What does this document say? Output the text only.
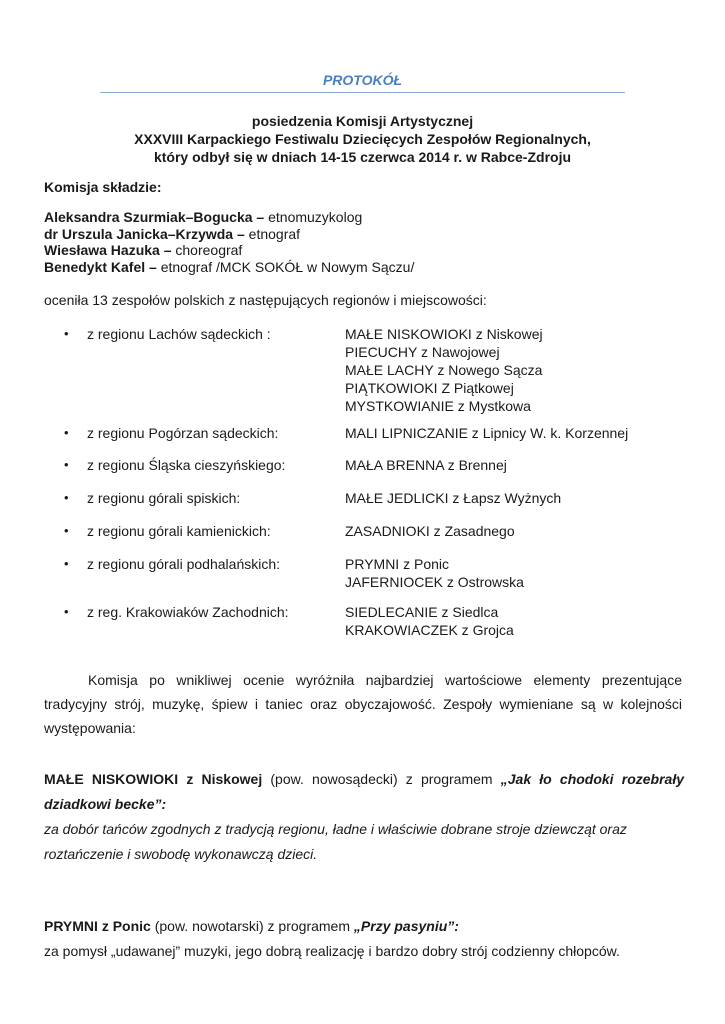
PROTOKÓŁ
posiedzenia Komisji Artystycznej
XXXVIII Karpackiego Festiwalu Dziecięcych Zespołów Regionalnych,
który odbył się w dniach 14-15 czerwca 2014 r. w Rabce-Zdroju
Komisja składzie:
Aleksandra Szurmiak–Bogucka – etnomuzykolog
dr Urszula Janicka–Krzywda – etnograf
Wiesława Hazuka – choreograf
Benedykt Kafel – etnograf /MCK SOKÓŁ w Nowym Sączu/
oceniła 13 zespołów polskich z następujących regionów i miejscowości:
• z regionu Lachów sądeckich :	MAŁE NISKOWIOKI z Niskowej
PIECUCHY z Nawojowej
MAŁE LACHY z Nowego Sącza
PIĄTKOWIOKI Z Piątkowej
MYSTKOWIANIE z Mystkowa
• z regionu Pogórzan sądeckich:	MALI LIPNICZANIE z Lipnicy W. k. Korzennej
• z regionu Śląska cieszyńskiego:	MAŁA BRENNA z Brennej
• z regionu górali spiskich:	MAŁE JEDLICKI z Łapsz Wyżnych
• z regionu górali kamienickich:	ZASADNIOKI z Zasadnego
• z regionu górali podhalańskich:	PRYMNI z Ponic
JAFERNIOCEK z Ostrowska
• z reg. Krakowiaków Zachodnich:	SIEDLECANIE z Siedlca
KRAKOWIACZEK z Grojca
Komisja po wnikliwej ocenie wyróżniła najbardziej wartościowe elementy prezentujące tradycyjny strój, muzykę, śpiew i taniec oraz obyczajowość. Zespoły wymieniane są w kolejności występowania:
MAŁE NISKOWIOKI z Niskowej (pow. nowosądecki) z programem „Jak ło chodoki rozebrały
dziadkowi becke”:
za dobór tańców zgodnych z tradycją regionu, ładne i właściwie dobrane stroje dziewcząt oraz
roztańczenie i swobodę wykonawczą dzieci.
PRYMNI z Ponic (pow. nowotarski) z programem „Przy pasyniu”:
za pomysł „udawanej” muzyki, jego dobrą realizację i bardzo dobry strój codzienny chłopców.
